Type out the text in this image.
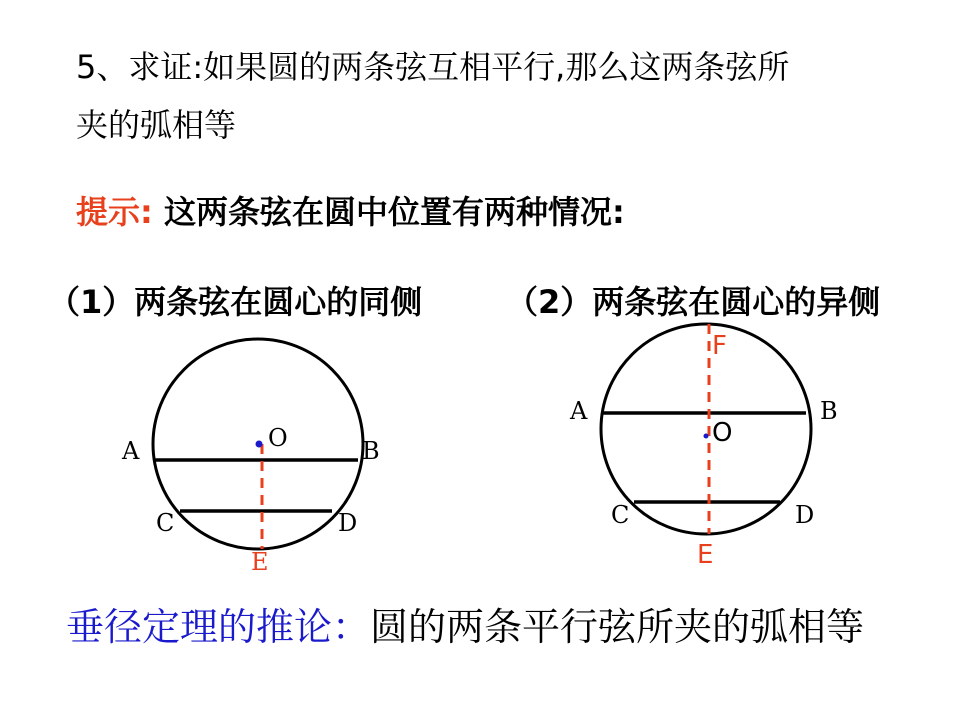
5、求证:如果圆的两条弦互相平行,那么这两条弦所
夹的弧相等
提示: 这两条弦在圆中位置有两种情况:
（1）两条弦在圆心的同侧	（2）两条弦在圆心的异侧
A	B
C	D
O
E
A	B
C	D
O
F
E
垂径定理的推论：圆的两条平行弦所夹的弧相等
